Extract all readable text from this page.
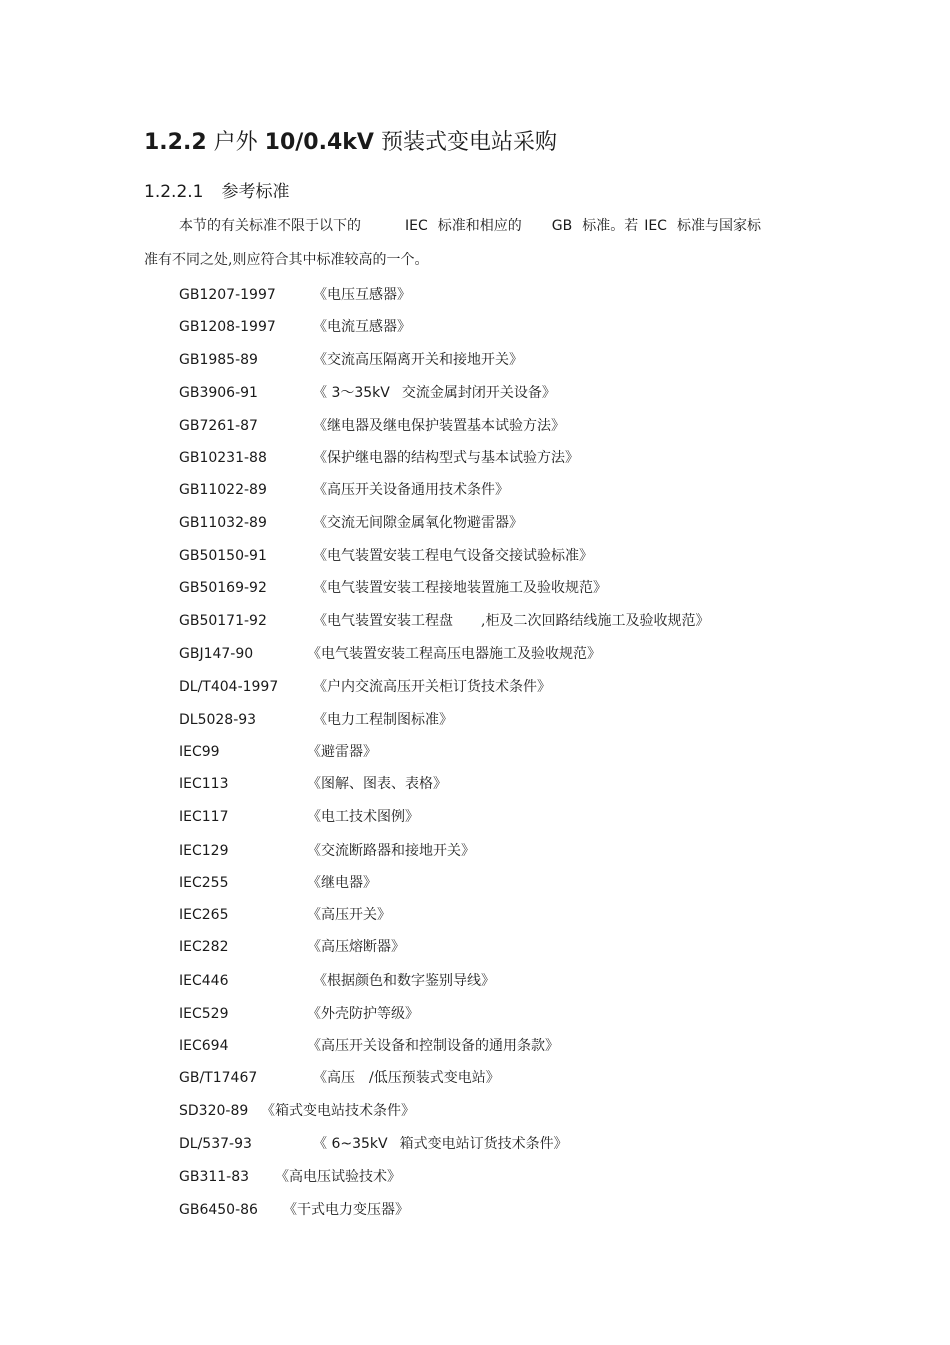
1.2.2 户外 10/0.4kV 预装式变电站采购
1.2.2.1 参考标准
本节的有关标准不限于以下的	IEC 标准和相应的 GB 标准。若 IEC 标准与国家标
准有不同之处,则应符合其中标准较高的一个。
GB1207-1997	《电压互感器》
GB1208-1997	《电流互感器》
GB1985-89	《交流高压隔离开关和接地开关》
GB3906-91	《 3～35kV 交流金属封闭开关设备》
GB7261-87	《继电器及继电保护装置基本试验方法》
GB10231-88	《保护继电器的结构型式与基本试验方法》
GB11022-89	《高压开关设备通用技术条件》
GB11032-89	《交流无间隙金属氧化物避雷器》
GB50150-91	《电气装置安装工程电气设备交接试验标准》
GB50169-92	《电气装置安装工程接地装置施工及验收规范》
GB50171-92	《电气装置安装工程盘 ,柜及二次回路结线施工及验收规范》
GBJ147-90	《电气装置安装工程高压电器施工及验收规范》
DL/T404-1997 《户内交流高压开关柜订货技术条件》
DL5028-93	《电力工程制图标准》
IEC99	《避雷器》
IEC113	《图解、图表、表格》
IEC117	《电工技术图例》
IEC129	《交流断路器和接地开关》
IEC255	《继电器》
IEC265	《高压开关》
IEC282	《高压熔断器》
IEC446	《根据颜色和数字鉴别导线》
IEC529	《外壳防护等级》
IEC694	《高压开关设备和控制设备的通用条款》
GB/T17467	《高压 /低压预装式变电站》
SD320-89 《箱式变电站技术条件》
DL/537-93	《 6~35kV 箱式变电站订货技术条件》
GB311-83 《高电压试验技术》
GB6450-86 《干式电力变压器》
